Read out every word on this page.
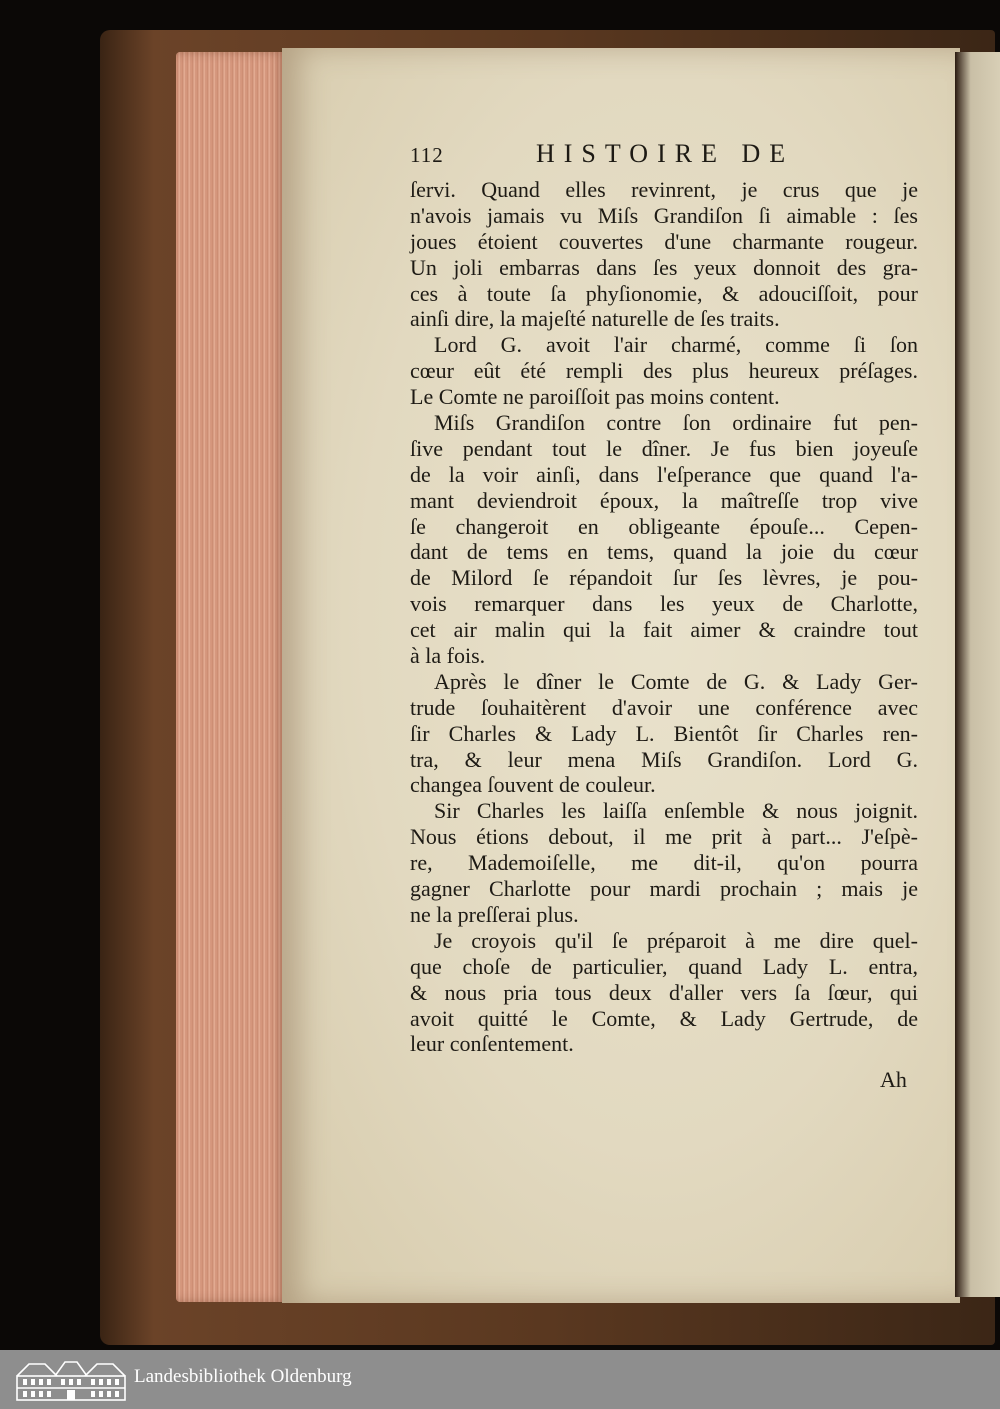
112	HISTOIRE DE
ſervi. Quand elles revinrent, je crus que je
n'avois jamais vu Miſs Grandiſon ſi aimable : ſes
joues étoient couvertes d'une charmante rougeur.
Un joli embarras dans ſes yeux donnoit des gra-
ces à toute ſa phyſionomie, & adouciſſoit, pour
ainſi dire, la majeſté naturelle de ſes traits.
Lord G. avoit l'air charmé, comme ſi ſon
cœur eût été rempli des plus heureux préſages.
Le Comte ne paroiſſoit pas moins content.
Miſs Grandiſon contre ſon ordinaire fut pen-
ſive pendant tout le dîner. Je fus bien joyeuſe
de la voir ainſi, dans l'eſperance que quand l'a-
mant deviendroit époux, la maîtreſſe trop vive
ſe changeroit en obligeante épouſe... Cepen-
dant de tems en tems, quand la joie du cœur
de Milord ſe répandoit ſur ſes lèvres, je pou-
vois remarquer dans les yeux de Charlotte,
cet air malin qui la fait aimer & craindre tout
à la fois.
Après le dîner le Comte de G. & Lady Ger-
trude ſouhaitèrent d'avoir une conférence avec
ſir Charles & Lady L. Bientôt ſir Charles ren-
tra, & leur mena Miſs Grandiſon. Lord G.
changea ſouvent de couleur.
Sir Charles les laiſſa enſemble & nous joignit.
Nous étions debout, il me prit à part... J'eſpè-
re, Mademoiſelle, me dit-il, qu'on pourra
gagner Charlotte pour mardi prochain ; mais je
ne la preſſerai plus.
Je croyois qu'il ſe préparoit à me dire quel-
que choſe de particulier, quand Lady L. entra,
& nous pria tous deux d'aller vers ſa ſœur, qui
avoit quitté le Comte, & Lady Gertrude, de
leur conſentement.
Ah
Landesbibliothek Oldenburg
